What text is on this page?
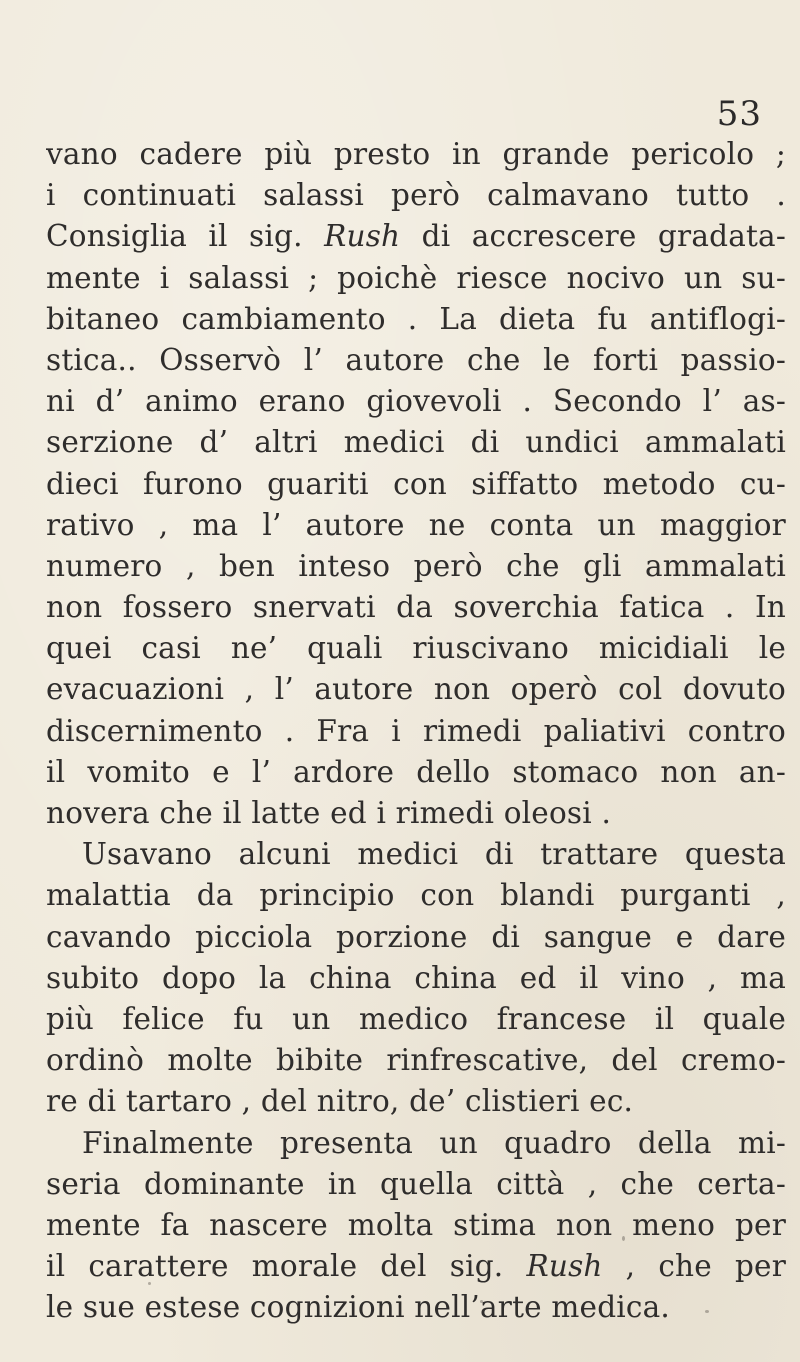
53
vano cadere più presto in grande pericolo ;
i continuati salassi però calmavano tutto .
Consiglia il sig. Rush di accrescere gradata-
mente i salassi ; poichè riesce nocivo un su-
bitaneo cambiamento . La dieta fu antiflogi-
stica.. Osservò l’ autore che le forti passio-
ni d’ animo erano giovevoli . Secondo l’ as-
serzione d’ altri medici di undici ammalati
dieci furono guariti con siffatto metodo cu-
rativo , ma l’ autore ne conta un maggior
numero , ben inteso però che gli ammalati
non fossero snervati da soverchia fatica . In
quei casi ne’ quali riuscivano micidiali le
evacuazioni , l’ autore non operò col dovuto
discernimento . Fra i rimedi paliativi contro
il vomito e l’ ardore dello stomaco non an-
novera che il latte ed i rimedi oleosi .
Usavano alcuni medici di trattare questa
malattia da principio con blandi purganti ,
cavando picciola porzione di sangue e dare
subito dopo la china china ed il vino , ma
più felice fu un medico francese il quale
ordinò molte bibite rinfrescative, del cremo-
re di tartaro , del nitro, de’ clistieri ec.
Finalmente presenta un quadro della mi-
seria dominante in quella città , che certa-
mente fa nascere molta stima non meno per
il carattere morale del sig. Rush , che per
le sue estese cognizioni nell’arte medica.
